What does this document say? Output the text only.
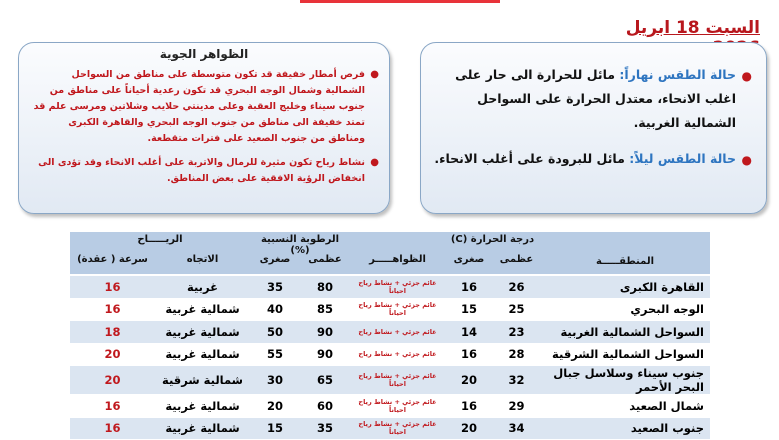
السبت 18 ابريل
الظواهر الجوية
●
فرص أمطار خفيفة قد تكون متوسطة على مناطق من السواحل الشمالية وشمال الوجه البحري قد تكون رعدية أحياناً على مناطق من جنوب سيناء وخليج العقبة وعلى مدينتي حلايب وشلاتين ومرسى علم قد تمتد خفيفة الى مناطق من جنوب الوجه البحري والقاهرة الكبرى ومناطق من جنوب الصعيد على فترات متقطعة.
●
نشاط رياح تكون مثيرة للرمال والاتربة على أغلب الانحاء وقد تؤدى الى انخفاض الرؤية الافقية على بعض المناطق.
●
حالة الطقس نهاراً: مائل للحرارة الى حار على اغلب الانحاء، معتدل الحرارة على السواحل الشمالية الغربية.
●
حالة الطقس ليلاً: مائل للبرودة على أغلب الانحاء.
المنطقـــــة
درجة الحرارة (C)
عظمى
صغرى
الظواهـــــر
الرطوبة النسبية (%)
عظمى
صغرى
الريـــــاح
الاتجاه
سرعة ( عقدة)
القاهرة الكبرى	26	16	غائم جزئي + نشاط رياح احياناً	80	35	غربية	16
الوجه البحري	25	15	غائم جزئي + نشاط رياح احياناً	85	40	شمالية غربية	16
السواحل الشمالية الغربية	23	14	غائم جزئي + نشاط رياح	90	50	شمالية غربية	18
السواحل الشمالية الشرقية	28	16	غائم جزئي + نشاط رياح	90	55	شمالية غربية	20
جنوب سيناء وسلاسل جبال البحر الأحمر	32	20	غائم جزئي + نشاط رياح احياناً	65	30	شمالية شرقية	20
شمال الصعيد	29	16	غائم جزئي + نشاط رياح احياناً	60	20	شمالية غربية	16
جنوب الصعيد	34	20	غائم جزئي + نشاط رياح احياناً	35	15	شمالية غربية	16
